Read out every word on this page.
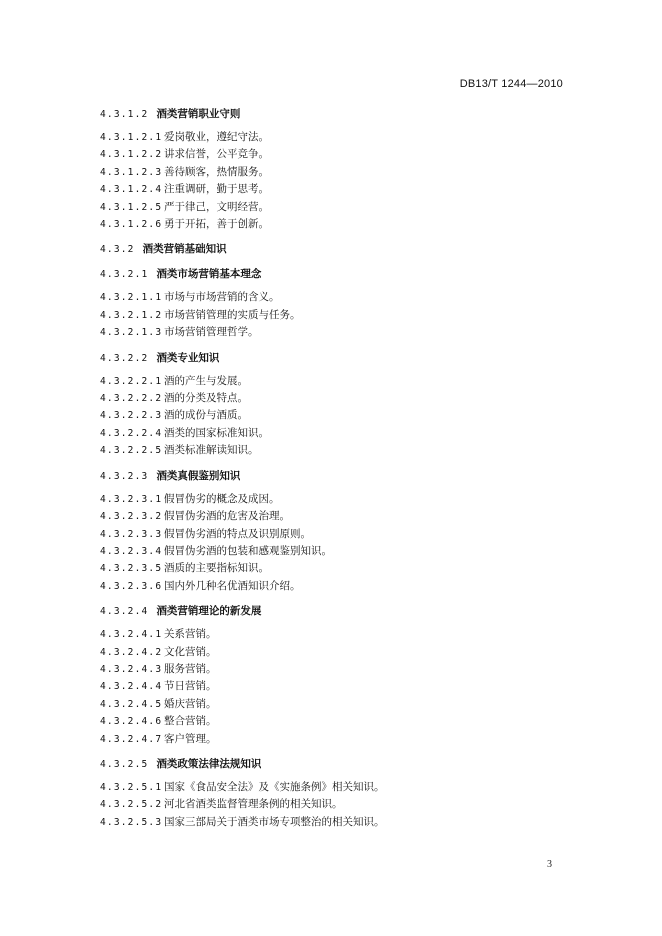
DB13/T 1244—2010
4.3.1.2 酒类营销职业守则
4.3.1.2.1 爱岗敬业，遵纪守法。
4.3.1.2.2 讲求信誉，公平竞争。
4.3.1.2.3 善待顾客，热情服务。
4.3.1.2.4 注重调研，勤于思考。
4.3.1.2.5 严于律己，文明经营。
4.3.1.2.6 勇于开拓，善于创新。
4.3.2 酒类营销基础知识
4.3.2.1 酒类市场营销基本理念
4.3.2.1.1 市场与市场营销的含义。
4.3.2.1.2 市场营销管理的实质与任务。
4.3.2.1.3 市场营销管理哲学。
4.3.2.2 酒类专业知识
4.3.2.2.1 酒的产生与发展。
4.3.2.2.2 酒的分类及特点。
4.3.2.2.3 酒的成份与酒质。
4.3.2.2.4 酒类的国家标准知识。
4.3.2.2.5 酒类标准解读知识。
4.3.2.3 酒类真假鉴别知识
4.3.2.3.1 假冒伪劣的概念及成因。
4.3.2.3.2 假冒伪劣酒的危害及治理。
4.3.2.3.3 假冒伪劣酒的特点及识别原则。
4.3.2.3.4 假冒伪劣酒的包装和感观鉴别知识。
4.3.2.3.5 酒质的主要指标知识。
4.3.2.3.6 国内外几种名优酒知识介绍。
4.3.2.4 酒类营销理论的新发展
4.3.2.4.1 关系营销。
4.3.2.4.2 文化营销。
4.3.2.4.3 服务营销。
4.3.2.4.4 节日营销。
4.3.2.4.5 婚庆营销。
4.3.2.4.6 整合营销。
4.3.2.4.7 客户管理。
4.3.2.5 酒类政策法律法规知识
4.3.2.5.1 国家《食品安全法》及《实施条例》相关知识。
4.3.2.5.2 河北省酒类监督管理条例的相关知识。
4.3.2.5.3 国家三部局关于酒类市场专项整治的相关知识。
3
